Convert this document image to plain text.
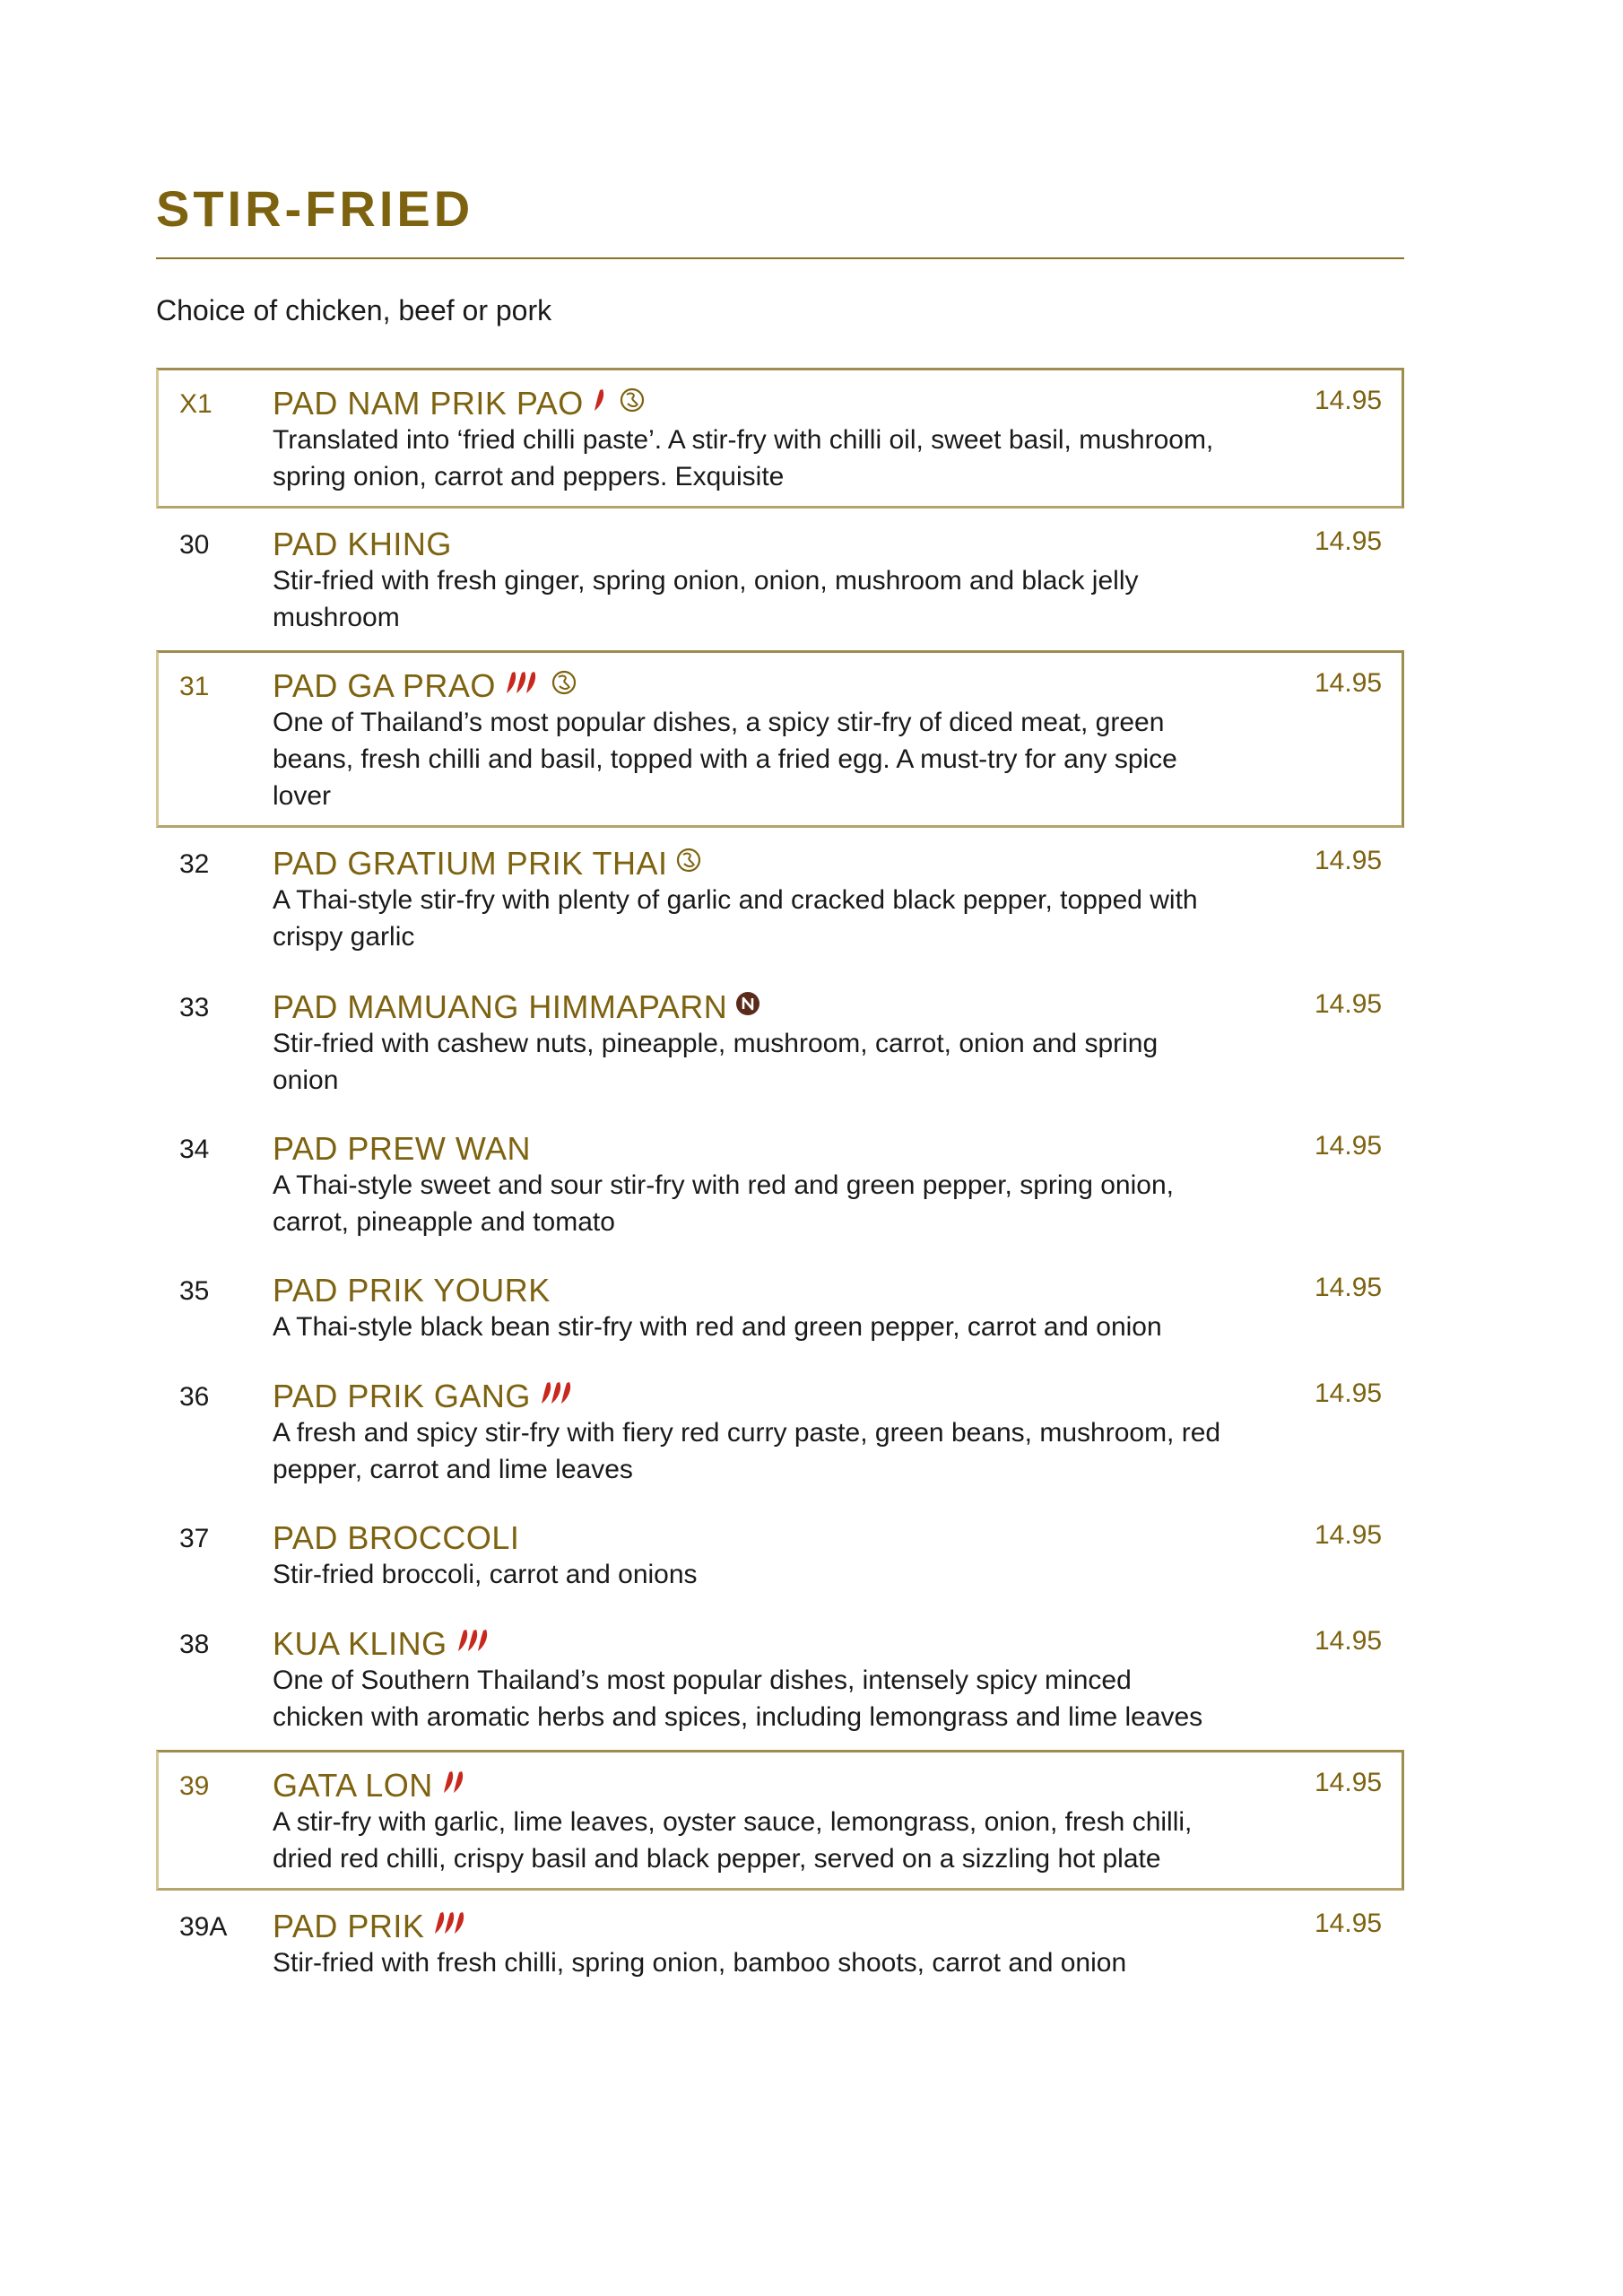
STIR-FRIED

Choice of chicken, beef or pork

X1 PAD NAM PRIK PAO	14.95

Translated into ‘fried chilli paste’. A stir-fry with chilli oil, sweet basil, mushroom, spring onion, carrot and peppers. Exquisite

30 PAD KHING	14.95

Stir-fried with fresh ginger, spring onion, onion, mushroom and black jelly mushroom

31 PAD GA PRAO	14.95

One of Thailand’s most popular dishes, a spicy stir-fry of diced meat, green beans, fresh chilli and basil, topped with a fried egg. A must-try for any spice lover

32 PAD GRATIUM PRIK THAI	14.95

A Thai-style stir-fry with plenty of garlic and cracked black pepper, topped with crispy garlic

33 PAD MAMUANG HIMMAPARN	14.95

Stir-fried with cashew nuts, pineapple, mushroom, carrot, onion and spring onion

34 PAD PREW WAN	14.95

A Thai-style sweet and sour stir-fry with red and green pepper, spring onion, carrot, pineapple and tomato

35 PAD PRIK YOURK	14.95

A Thai-style black bean stir-fry with red and green pepper, carrot and onion

36 PAD PRIK GANG	14.95

A fresh and spicy stir-fry with fiery red curry paste, green beans, mushroom, red pepper, carrot and lime leaves

37 PAD BROCCOLI	14.95

Stir-fried broccoli, carrot and onions

38 KUA KLING	14.95

One of Southern Thailand’s most popular dishes, intensely spicy minced chicken with aromatic herbs and spices, including lemongrass and lime leaves

39 GATA LON	14.95

A stir-fry with garlic, lime leaves, oyster sauce, lemongrass, onion, fresh chilli, dried red chilli, crispy basil and black pepper, served on a sizzling hot plate

39A PAD PRIK	14.95

Stir-fried with fresh chilli, spring onion, bamboo shoots, carrot and onion
